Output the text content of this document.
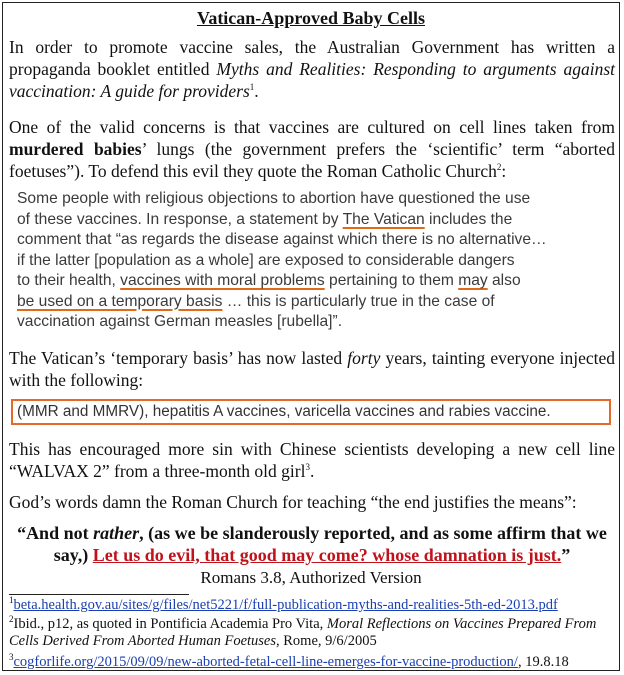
Vatican-Approved Baby Cells
In order to promote vaccine sales, the Australian Government has written a propaganda booklet entitled Myths and Realities: Responding to arguments against vaccination: A guide for providers$^1$.
One of the valid concerns is that vaccines are cultured on cell lines taken from murdered babies’ lungs (the government prefers the ‘scientific’ term “aborted foetuses”). To defend this evil they quote the Roman Catholic Church$^2$:
Some people with religious objections to abortion have questioned the use
of these vaccines. In response, a statement by The Vatican includes the
comment that “as regards the disease against which there is no alternative…
if the latter [population as a whole] are exposed to considerable dangers
to their health, vaccines with moral problems pertaining to them may also
be used on a temporary basis … this is particularly true in the case of
vaccination against German measles [rubella]”.
The Vatican’s ‘temporary basis’ has now lasted forty years, tainting everyone injected with the following:
(MMR and MMRV), hepatitis A vaccines, varicella vaccines and rabies vaccine.
This has encouraged more sin with Chinese scientists developing a new cell line “WALVAX 2” from a three-month old girl$^3$.
God’s words damn the Roman Church for teaching “the end justifies the means”:
“And not rather, (as we be slanderously reported, and as some affirm that we say,) Let us do evil, that good may come? whose damnation is just.”
Romans 3.8, Authorized Version
$^1$beta.health.gov.au/sites/g/files/net5221/f/full-publication-myths-and-realities-5th-ed-2013.pdf
$^2$Ibid., p12, as quoted in Pontificia Academia Pro Vita, Moral Reflections on Vaccines Prepared From Cells Derived From Aborted Human Foetuses, Rome, 9/6/2005
$^3$cogforlife.org/2015/09/09/new-aborted-fetal-cell-line-emerges-for-vaccine-production/, 19.8.18
